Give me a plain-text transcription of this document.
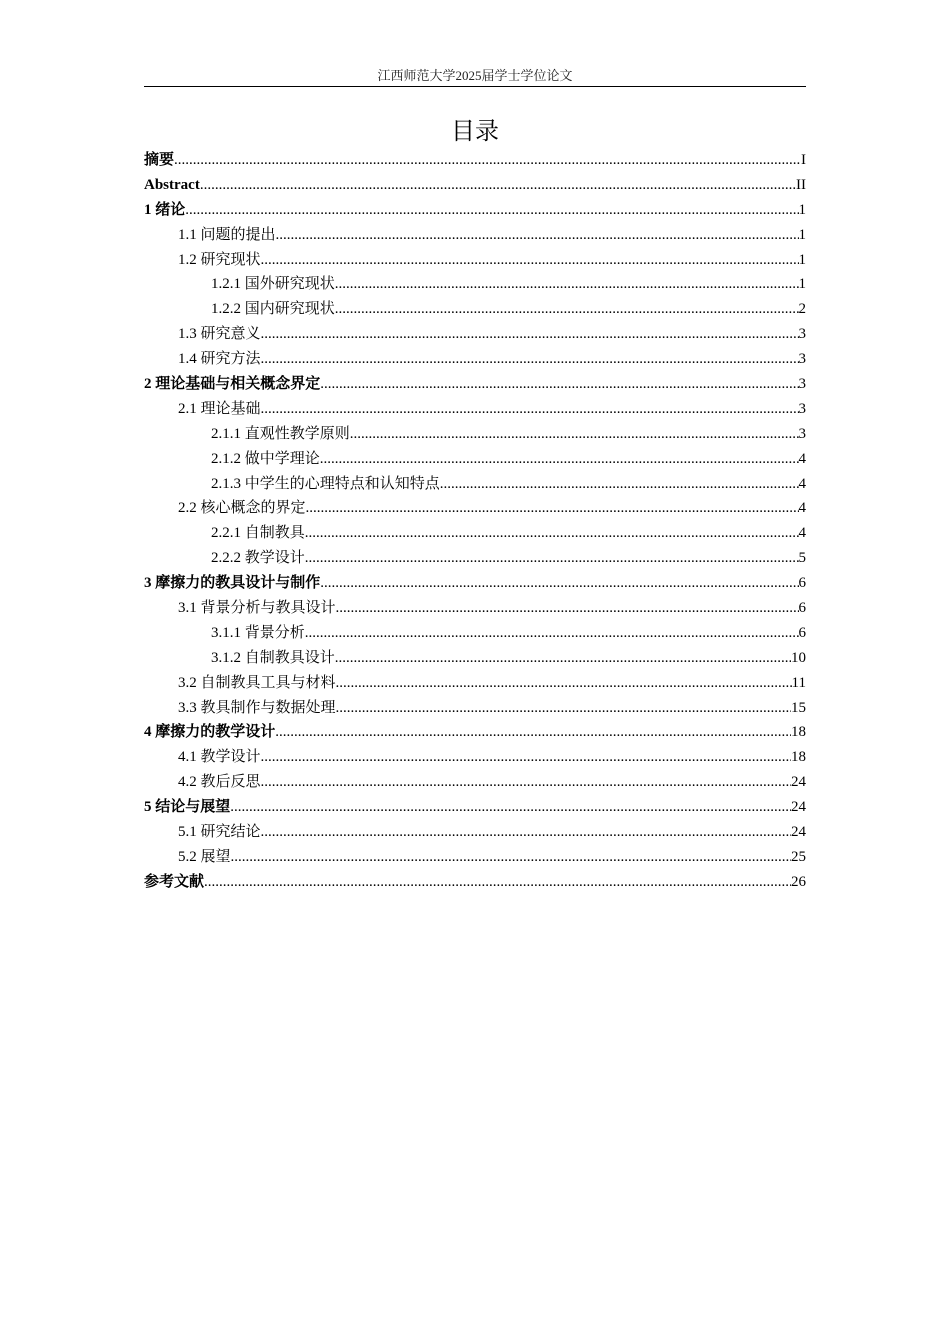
江西师范大学2025届学士学位论文
目录
摘要 .....	I
Abstract .....	II
1 绪论 .....	1
1.1 问题的提出 .....	1
1.2 研究现状 .....	1
1.2.1 国外研究现状 .....	1
1.2.2 国内研究现状 .....	2
1.3 研究意义 .....	3
1.4 研究方法 .....	3
2 理论基础与相关概念界定 .....	3
2.1 理论基础 .....	3
2.1.1 直观性教学原则 .....	3
2.1.2 做中学理论 .....	4
2.1.3 中学生的心理特点和认知特点 .....	4
2.2 核心概念的界定 .....	4
2.2.1 自制教具 .....	4
2.2.2 教学设计 .....	5
3 摩擦力的教具设计与制作 .....	6
3.1 背景分析与教具设计 .....	6
3.1.1 背景分析 .....	6
3.1.2 自制教具设计 .....	10
3.2 自制教具工具与材料 .....	11
3.3 教具制作与数据处理 .....	15
4 摩擦力的教学设计 .....	18
4.1 教学设计 .....	18
4.2 教后反思 .....	24
5 结论与展望 .....	24
5.1 研究结论 .....	24
5.2 展望 .....	25
参考文献 .....	26
